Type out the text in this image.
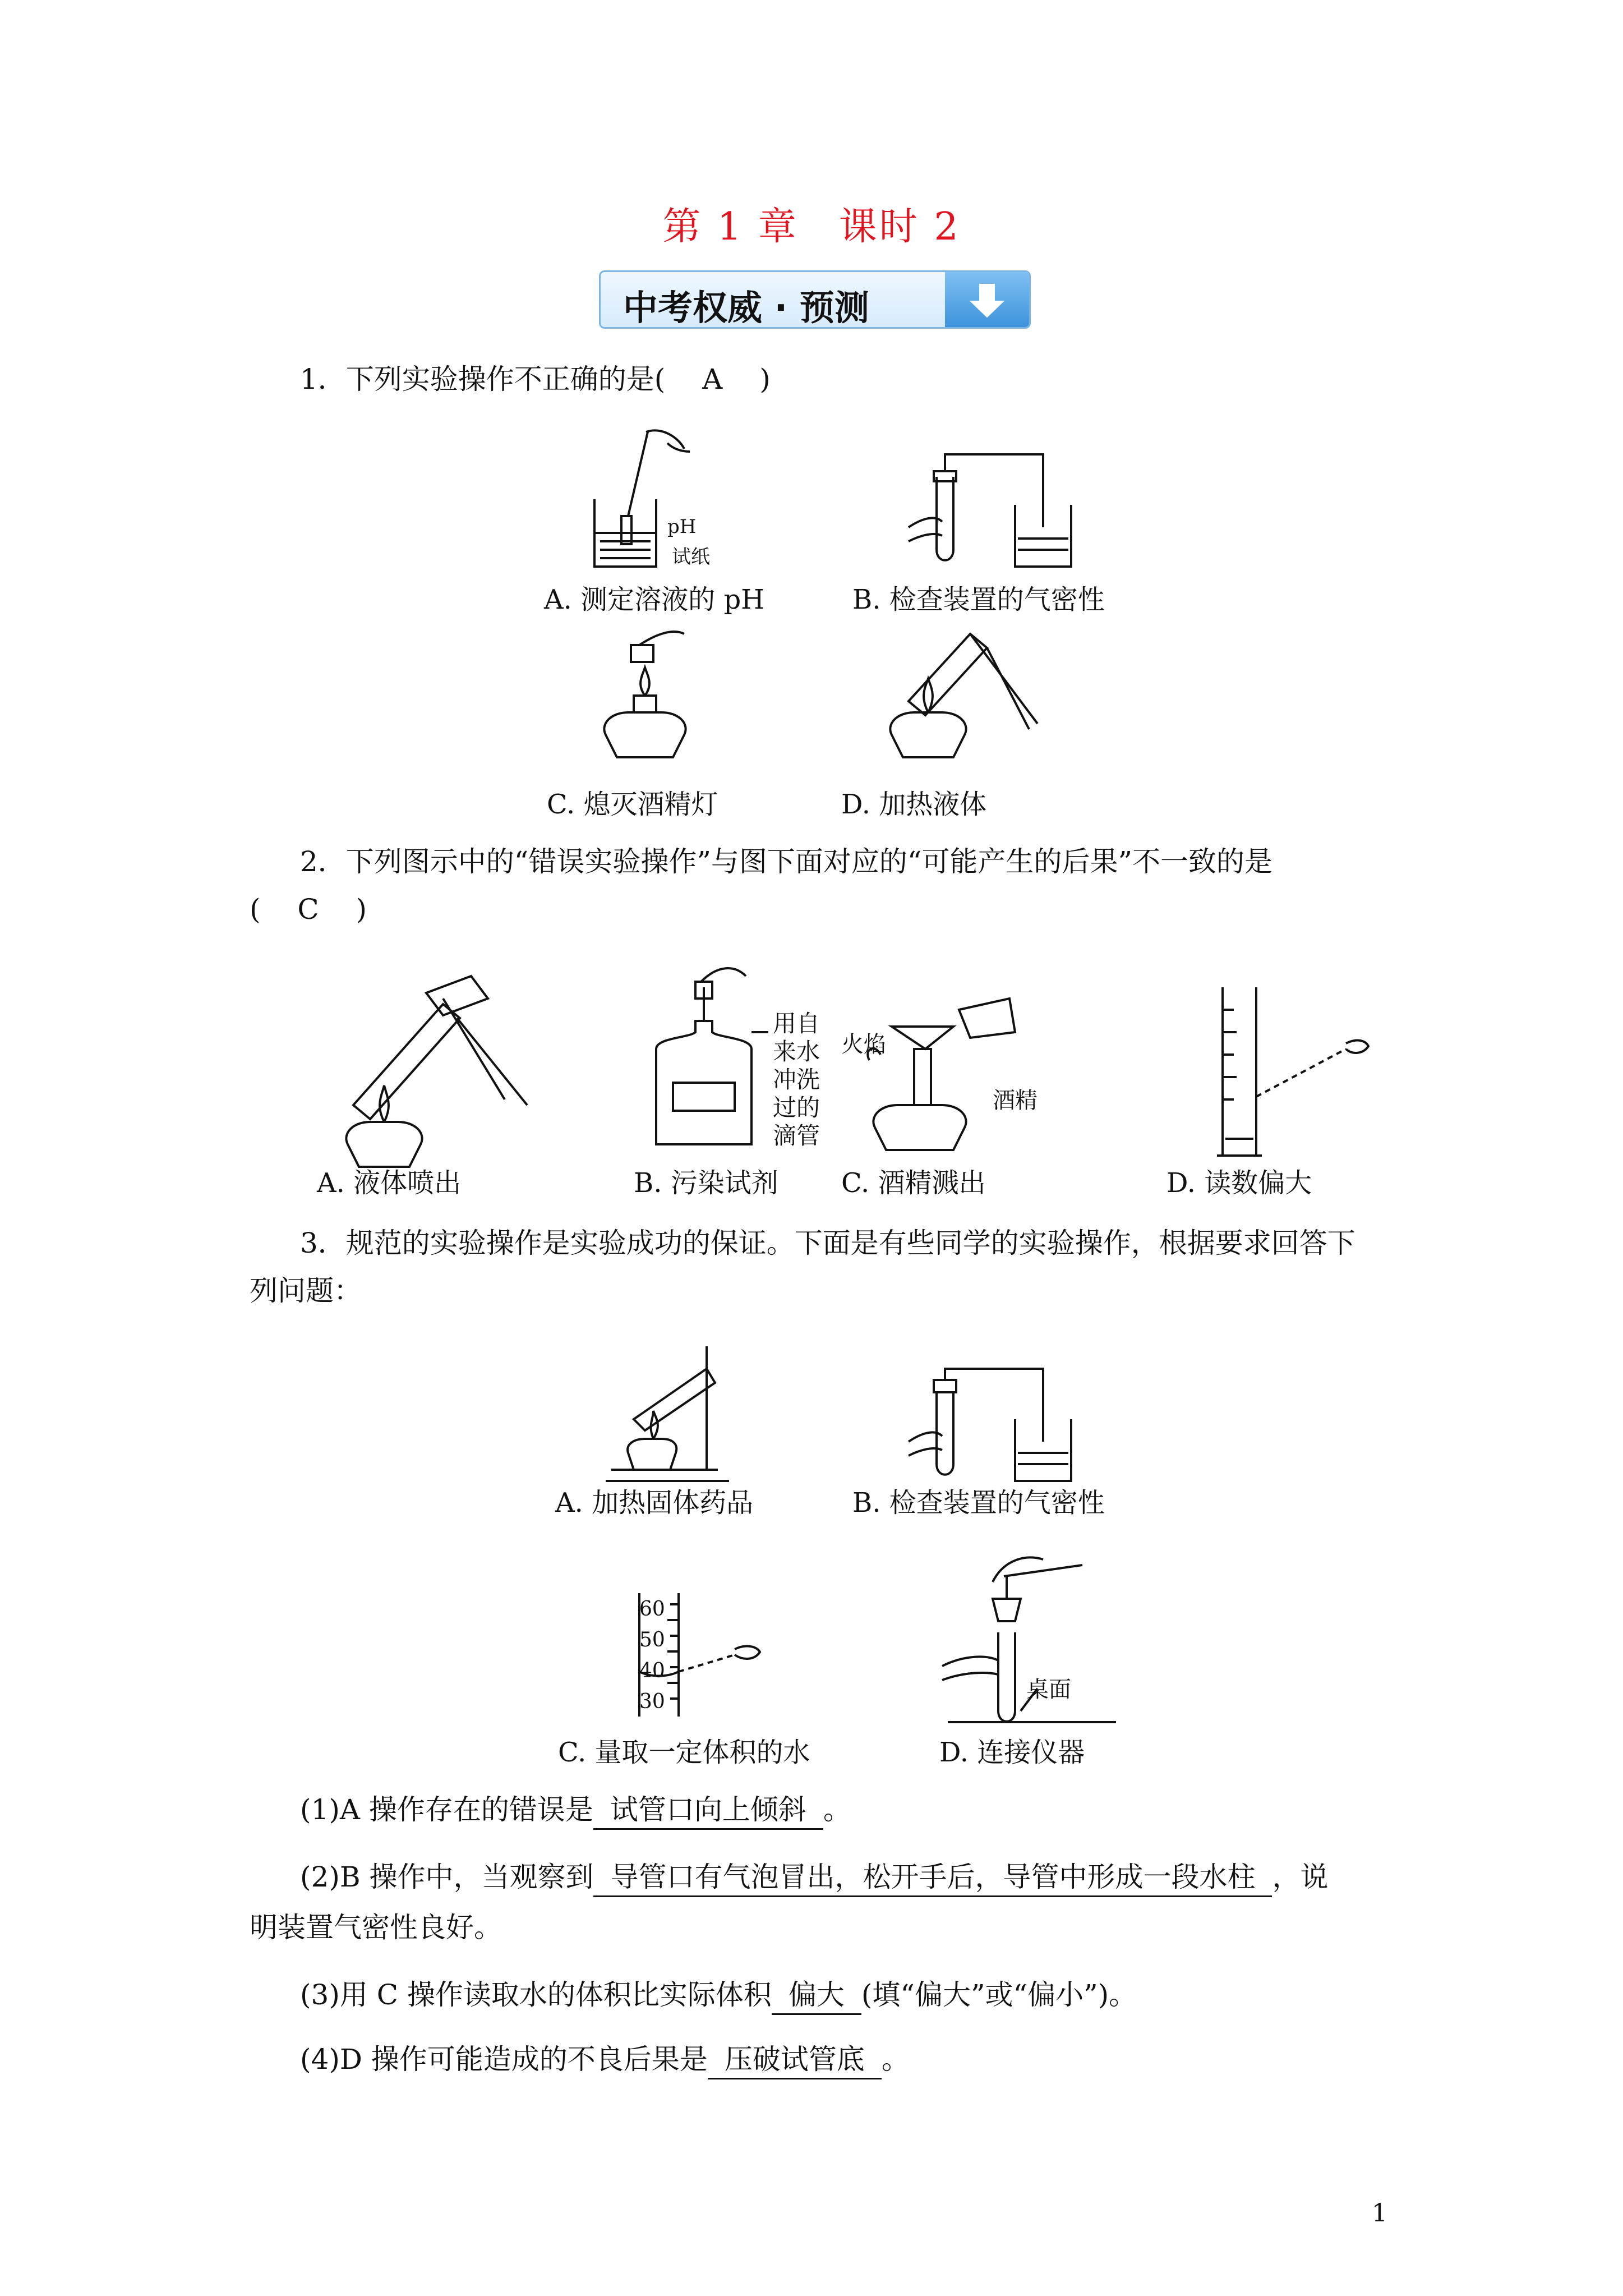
第 1 章　课时 2
中考权威 · 预测
1．下列实验操作不正确的是(　 A　 )
pH
试纸
A. 测定溶液的 pH	B. 检查装置的气密性
C. 熄灭酒精灯	D. 加热液体
2．下列图示中的“错误实验操作”与图下面对应的“可能产生的后果”不一致的是
(　 C　 )
A. 液体喷出
用自
来水
冲洗
过的
滴管
B. 污染试剂
火焰
酒精
C. 酒精溅出	D. 读数偏大
3．规范的实验操作是实验成功的保证。下面是有些同学的实验操作，根据要求回答下
列问题：
A. 加热固体药品	B. 检查装置的气密性
60
50
40
30
C. 量取一定体积的水
桌面
D. 连接仪器
(1)A 操作存在的错误是 试管口向上倾斜 。
(2)B 操作中，当观察到 导管口有气泡冒出，松开手后，导管中形成一段水柱 ，说
明装置气密性良好。
(3)用 C 操作读取水的体积比实际体积 偏大 (填“偏大”或“偏小”)。
(4)D 操作可能造成的不良后果是 压破试管底 。
1
